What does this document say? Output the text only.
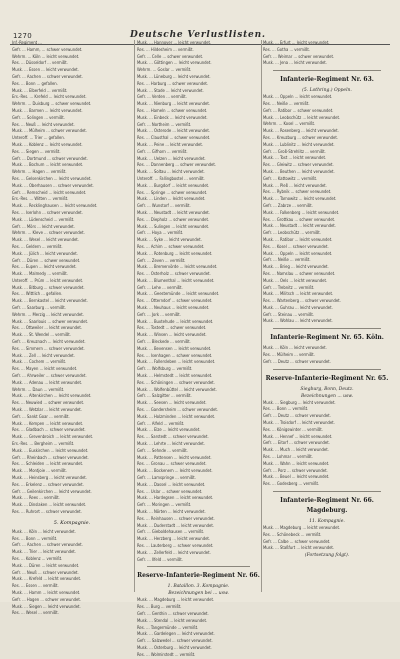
1270	Deutsche Verlustlisten.
Inf.-Regiment ...
Gefr. ... Hamm, ... schwer verwundet.
Wehrm. ... Köln ... leicht verwundet.
Res. ... Düsseldorf ... vermißt.
Musk. ... Essen ... leicht verwundet.
Gefr. ... Aachen ... schwer verwundet.
Res. ... Bonn ... gefallen.
Musk. ... Elberfeld ... vermißt.
Ers.-Res. ... Krefeld ... leicht verwundet.
Wehrm. ... Duisburg ... schwer verwundet.
Musk. ... Barmen ... leicht verwundet.
Gefr. ... Solingen ... vermißt.
Res. ... Neuß ... leicht verwundet.
Musk. ... Mülheim ... schwer verwundet.
Unteroff. ... Trier ... gefallen.
Musk. ... Koblenz ... leicht verwundet.
Res. ... Siegen ... vermißt.
Gefr. ... Dortmund ... schwer verwundet.
Musk. ... Bochum ... leicht verwundet.
Wehrm. ... Hagen ... vermißt.
Res. ... Gelsenkirchen ... leicht verwundet.
Musk. ... Oberhausen ... schwer verwundet.
Gefr. ... Remscheid ... leicht verwundet.
Ers.-Res. ... Witten ... vermißt.
Musk. ... Recklinghausen ... leicht verwundet.
Res. ... Iserlohn ... schwer verwundet.
Musk. ... Lüdenscheid ... vermißt.
Gefr. ... Mörs ... leicht verwundet.
Wehrm. ... Kleve ... schwer verwundet.
Musk. ... Wesel ... leicht verwundet.
Res. ... Geldern ... vermißt.
Musk. ... Jülich ... leicht verwundet.
Gefr. ... Düren ... schwer verwundet.
Res. ... Eupen ... leicht verwundet.
Musk. ... Malmedy ... vermißt.
Unteroff. ... Prüm ... leicht verwundet.
Musk. ... Bitburg ... schwer verwundet.
Res. ... Wittlich ... gefallen.
Musk. ... Bernkastel ... leicht verwundet.
Gefr. ... Saarburg ... vermißt.
Wehrm. ... Merzig ... leicht verwundet.
Musk. ... Saarlouis ... schwer verwundet.
Res. ... Ottweiler ... leicht verwundet.
Musk. ... St. Wendel ... vermißt.
Gefr. ... Kreuznach ... leicht verwundet.
Res. ... Simmern ... schwer verwundet.
Musk. ... Zell ... leicht verwundet.
Musk. ... Cochem ... vermißt.
Res. ... Mayen ... leicht verwundet.
Gefr. ... Ahrweiler ... schwer verwundet.
Musk. ... Adenau ... leicht verwundet.
Wehrm. ... Daun ... vermißt.
Musk. ... Altenkirchen ... leicht verwundet.
Res. ... Neuwied ... schwer verwundet.
Musk. ... Wetzlar ... leicht verwundet.
Gefr. ... Sankt Goar ... vermißt.
Musk. ... Kempen ... leicht verwundet.
Res. ... Gladbach ... schwer verwundet.
Musk. ... Grevenbroich ... leicht verwundet.
Ers.-Res. ... Bergheim ... vermißt.
Musk. ... Euskirchen ... leicht verwundet.
Gefr. ... Rheinbach ... schwer verwundet.
Res. ... Schleiden ... leicht verwundet.
Musk. ... Montjoie ... vermißt.
Musk. ... Heinsberg ... leicht verwundet.
Res. ... Erkelenz ... schwer verwundet.
Gefr. ... Geilenkirchen ... leicht verwundet.
Musk. ... Rees ... vermißt.
Musk. ... Dinslaken ... leicht verwundet.
Res. ... Ruhrort ... schwer verwundet.
5. Kompagnie.
Musk. ... Köln ... leicht verwundet.
Res. ... Bonn ... vermißt.
Gefr. ... Aachen ... schwer verwundet.
Musk. ... Trier ... leicht verwundet.
Res. ... Koblenz ... vermißt.
Musk. ... Düren ... leicht verwundet.
Gefr. ... Neuß ... schwer verwundet.
Musk. ... Krefeld ... leicht verwundet.
Res. ... Essen ... vermißt.
Musk. ... Hamm ... leicht verwundet.
Gefr. ... Hagen ... schwer verwundet.
Musk. ... Siegen ... leicht verwundet.
Res. ... Wesel ... vermißt.
Musk. ... Hannover ... leicht verwundet.
Res. ... Hildesheim ... vermißt.
Gefr. ... Celle ... schwer verwundet.
Musk. ... Göttingen ... leicht verwundet.
Wehrm. ... Goslar ... vermißt.
Musk. ... Lüneburg ... leicht verwundet.
Res. ... Harburg ... schwer verwundet.
Musk. ... Stade ... leicht verwundet.
Gefr. ... Verden ... vermißt.
Musk. ... Nienburg ... leicht verwundet.
Res. ... Hameln ... schwer verwundet.
Musk. ... Einbeck ... leicht verwundet.
Gefr. ... Northeim ... vermißt.
Musk. ... Osterode ... leicht verwundet.
Res. ... Clausthal ... schwer verwundet.
Musk. ... Peine ... leicht verwundet.
Gefr. ... Gifhorn ... vermißt.
Musk. ... Uelzen ... leicht verwundet.
Res. ... Dannenberg ... schwer verwundet.
Musk. ... Soltau ... leicht verwundet.
Unteroff. ... Fallingbostel ... vermißt.
Musk. ... Burgdorf ... leicht verwundet.
Res. ... Springe ... schwer verwundet.
Musk. ... Linden ... leicht verwundet.
Gefr. ... Wunstorf ... vermißt.
Musk. ... Neustadt ... leicht verwundet.
Res. ... Diepholz ... schwer verwundet.
Musk. ... Sulingen ... leicht verwundet.
Gefr. ... Hoya ... vermißt.
Musk. ... Syke ... leicht verwundet.
Res. ... Achim ... schwer verwundet.
Musk. ... Rotenburg ... leicht verwundet.
Gefr. ... Zeven ... vermißt.
Musk. ... Bremervörde ... leicht verwundet.
Res. ... Osterholz ... schwer verwundet.
Musk. ... Blumenthal ... leicht verwundet.
Gefr. ... Lehe ... vermißt.
Musk. ... Geestemünde ... leicht verwundet.
Res. ... Otterndorf ... schwer verwundet.
Musk. ... Neuhaus ... leicht verwundet.
Gefr. ... Jork ... vermißt.
Musk. ... Buxtehude ... leicht verwundet.
Res. ... Tostedt ... schwer verwundet.
Musk. ... Winsen ... leicht verwundet.
Gefr. ... Bleckede ... vermißt.
Musk. ... Bevensen ... leicht verwundet.
Res. ... Isenhagen ... schwer verwundet.
Musk. ... Fallersleben ... leicht verwundet.
Gefr. ... Wolfsburg ... vermißt.
Musk. ... Helmstedt ... leicht verwundet.
Res. ... Schöningen ... schwer verwundet.
Musk. ... Wolfenbüttel ... leicht verwundet.
Gefr. ... Salzgitter ... vermißt.
Musk. ... Seesen ... leicht verwundet.
Res. ... Gandersheim ... schwer verwundet.
Musk. ... Holzminden ... leicht verwundet.
Gefr. ... Alfeld ... vermißt.
Musk. ... Elze ... leicht verwundet.
Res. ... Sarstedt ... schwer verwundet.
Musk. ... Lehrte ... leicht verwundet.
Gefr. ... Sehnde ... vermißt.
Musk. ... Pattensen ... leicht verwundet.
Res. ... Gronau ... schwer verwundet.
Musk. ... Bockenem ... leicht verwundet.
Gefr. ... Lamspringe ... vermißt.
Musk. ... Dassel ... leicht verwundet.
Res. ... Uslar ... schwer verwundet.
Musk. ... Hardegsen ... leicht verwundet.
Gefr. ... Moringen ... vermißt.
Musk. ... Nörten ... leicht verwundet.
Res. ... Reinhausen ... schwer verwundet.
Musk. ... Duderstadt ... leicht verwundet.
Gefr. ... Gieboldehausen ... vermißt.
Musk. ... Herzberg ... leicht verwundet.
Res. ... Lauterberg ... schwer verwundet.
Musk. ... Zellerfeld ... leicht verwundet.
Gefr. ... Ilfeld ... vermißt.
Reserve-Infanterie-Regiment Nr. 66.
1. Bataillon. 3. Kompagnie.
Bezeichnungen bei ... usw.
Musk. ... Magdeburg ... leicht verwundet.
Res. ... Burg ... vermißt.
Gefr. ... Genthin ... schwer verwundet.
Musk. ... Stendal ... leicht verwundet.
Res. ... Tangermünde ... vermißt.
Musk. ... Gardelegen ... leicht verwundet.
Gefr. ... Salzwedel ... schwer verwundet.
Musk. ... Osterburg ... leicht verwundet.
Res. ... Wolmirstedt ... vermißt.
Musk. ... Erfurt ... leicht verwundet.
Res. ... Gotha ... vermißt.
Gefr. ... Weimar ... schwer verwundet.
Musk. ... Jena ... leicht verwundet.
Infanterie-Regiment Nr. 63.
(5. Lothring.) Oppeln.
Musk. ... Oppeln ... leicht verwundet.
Res. ... Neiße ... vermißt.
Gefr. ... Ratibor ... schwer verwundet.
Musk. ... Leobschütz ... leicht verwundet.
Wehrm. ... Kosel ... vermißt.
Musk. ... Rosenberg ... leicht verwundet.
Res. ... Kreuzburg ... schwer verwundet.
Musk. ... Lublinitz ... leicht verwundet.
Gefr. ... Groß-Strehlitz ... vermißt.
Musk. ... Tost ... leicht verwundet.
Res. ... Gleiwitz ... schwer verwundet.
Musk. ... Beuthen ... leicht verwundet.
Gefr. ... Kattowitz ... vermißt.
Musk. ... Pleß ... leicht verwundet.
Res. ... Rybnik ... schwer verwundet.
Musk. ... Tarnowitz ... leicht verwundet.
Gefr. ... Zabrze ... vermißt.
Musk. ... Falkenberg ... leicht verwundet.
Res. ... Grottkau ... schwer verwundet.
Musk. ... Neustadt ... leicht verwundet.
Gefr. ... Leobschütz ... vermißt.
Musk. ... Ratibor ... leicht verwundet.
Res. ... Kosel ... schwer verwundet.
Musk. ... Oppeln ... leicht verwundet.
Gefr. ... Neiße ... vermißt.
Musk. ... Brieg ... leicht verwundet.
Res. ... Namslau ... schwer verwundet.
Musk. ... Oels ... leicht verwundet.
Gefr. ... Trebnitz ... vermißt.
Musk. ... Militsch ... leicht verwundet.
Res. ... Wartenberg ... schwer verwundet.
Musk. ... Guhrau ... leicht verwundet.
Gefr. ... Steinau ... vermißt.
Musk. ... Wohlau ... leicht verwundet.
Infanterie-Regiment Nr. 65. Köln.
Musk. ... Köln ... leicht verwundet.
Res. ... Mülheim ... vermißt.
Gefr. ... Deutz ... schwer verwundet.
Reserve-Infanterie-Regiment Nr. 65.
Siegburg, Bonn, Deutz.
Bezeichnungen ... usw.
Musk. ... Siegburg ... leicht verwundet.
Res. ... Bonn ... vermißt.
Gefr. ... Deutz ... schwer verwundet.
Musk. ... Troisdorf ... leicht verwundet.
Res. ... Königswinter ... vermißt.
Musk. ... Hennef ... leicht verwundet.
Gefr. ... Eitorf ... schwer verwundet.
Musk. ... Much ... leicht verwundet.
Res. ... Lohmar ... vermißt.
Musk. ... Wahn ... leicht verwundet.
Gefr. ... Porz ... schwer verwundet.
Musk. ... Beuel ... leicht verwundet.
Res. ... Godesberg ... vermißt.
Infanterie-Regiment Nr. 66. Magdeburg.
11. Kompagnie.
Musk. ... Magdeburg ... leicht verwundet.
Res. ... Schönebeck ... vermißt.
Gefr. ... Calbe ... schwer verwundet.
Musk. ... Staßfurt ... leicht verwundet.
(Fortsetzung folgt).
